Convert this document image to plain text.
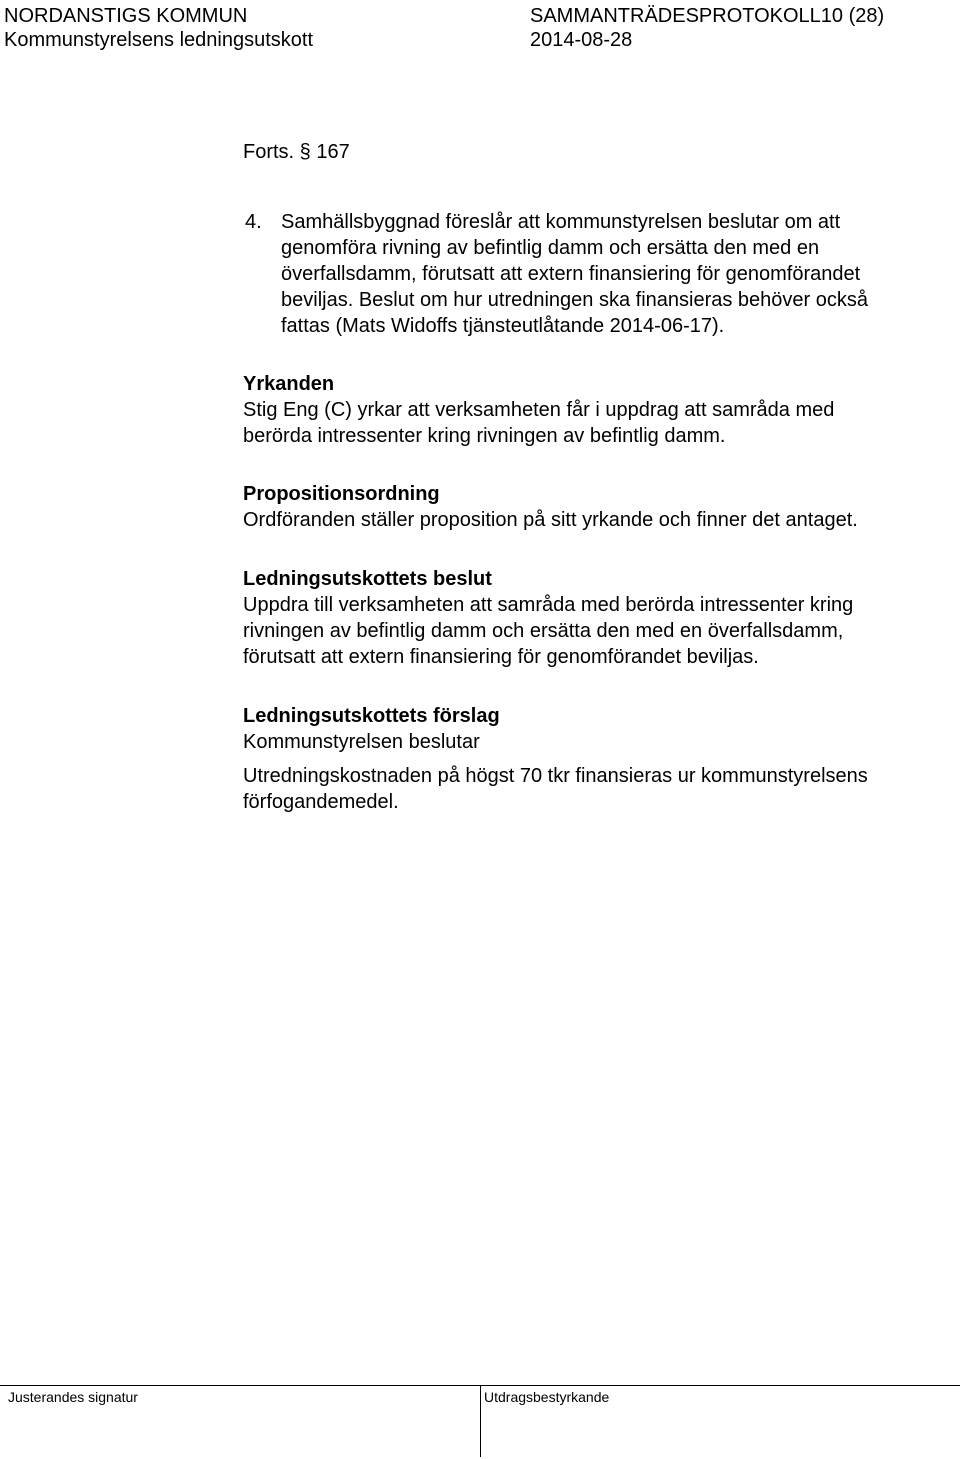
NORDANSTIGS KOMMUN
Kommunstyrelsens ledningsutskott
SAMMANTRÄDESPROTOKOLL10 (28)
2014-08-28
Forts. § 167
4. Samhällsbyggnad föreslår att kommunstyrelsen beslutar om att
genomföra rivning av befintlig damm och ersätta den med en
överfallsdamm, förutsatt att extern finansiering för genomförandet
beviljas. Beslut om hur utredningen ska finansieras behöver också
fattas (Mats Widoffs tjänsteutlåtande 2014-06-17).
Yrkanden
Stig Eng (C) yrkar att verksamheten får i uppdrag att samråda med
berörda intressenter kring rivningen av befintlig damm.
Propositionsordning
Ordföranden ställer proposition på sitt yrkande och finner det antaget.
Ledningsutskottets beslut
Uppdra till verksamheten att samråda med berörda intressenter kring
rivningen av befintlig damm och ersätta den med en överfallsdamm,
förutsatt att extern finansiering för genomförandet beviljas.
Ledningsutskottets förslag
Kommunstyrelsen beslutar
Utredningskostnaden på högst 70 tkr finansieras ur kommunstyrelsens
förfogandemedel.
Justerandes signatur	Utdragsbestyrkande
